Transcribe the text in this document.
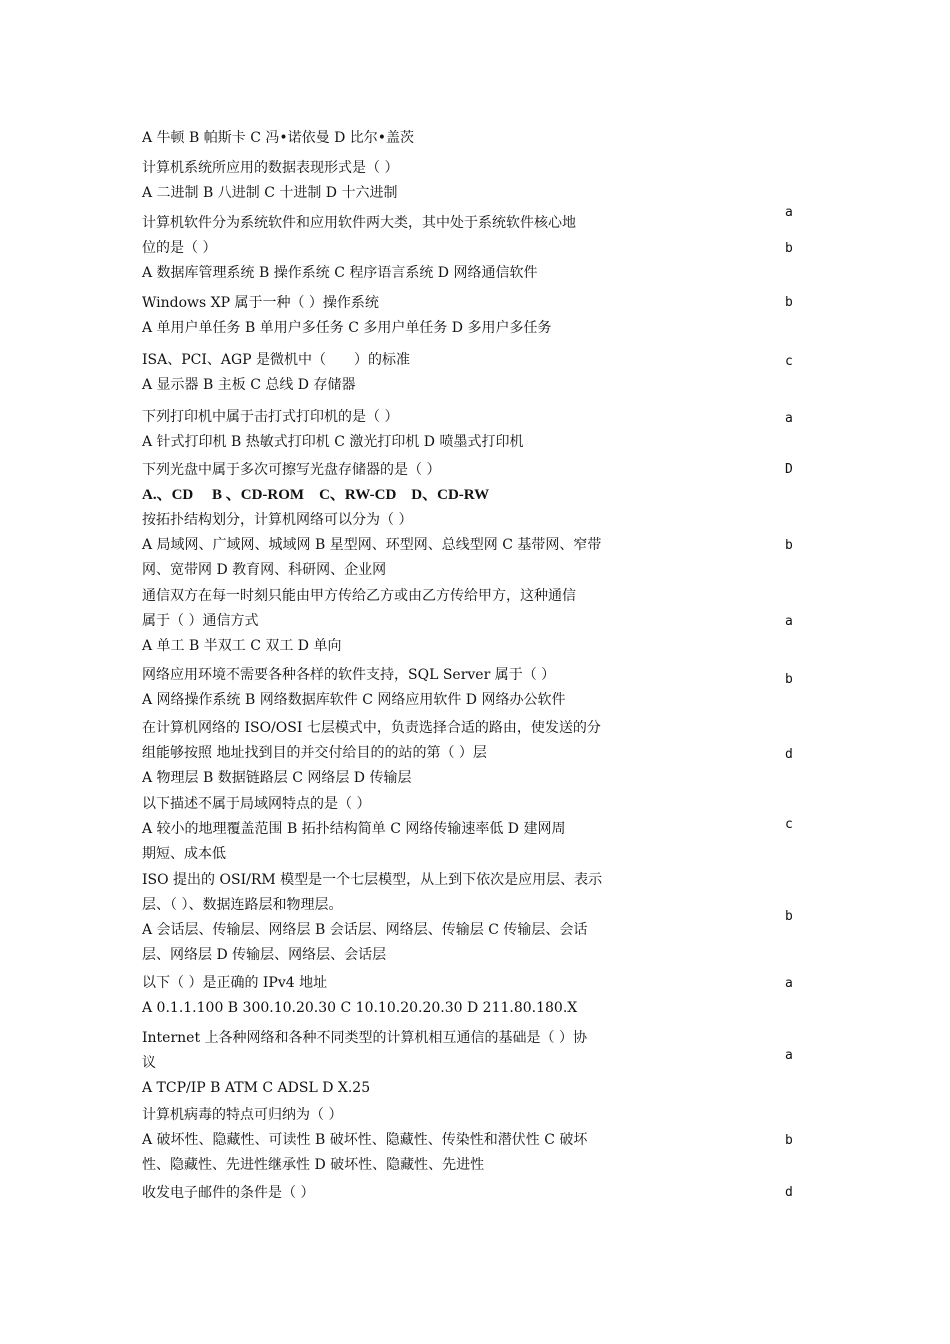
A 牛顿 B 帕斯卡 C 冯•诺依曼 D 比尔•盖茨
计算机系统所应用的数据表现形式是（ ）
A 二进制 B 八进制 C 十进制 D 十六进制
a
计算机软件分为系统软件和应用软件两大类，其中处于系统软件核心地
位的是（ ）
A 数据库管理系统 B 操作系统 C 程序语言系统 D 网络通信软件
b
Windows XP 属于一种（ ）操作系统
A 单用户单任务 B 单用户多任务 C 多用户单任务 D 多用户多任务
b
ISA、PCI、AGP 是微机中（　　）的标准
A 显示器 B 主板 C 总线 D 存储器
c
下列打印机中属于击打式打印机的是（ ）
A 针式打印机 B 热敏式打印机 C 激光打印机 D 喷墨式打印机
a
下列光盘中属于多次可擦写光盘存储器的是（ ）
A.、CD　 B 、CD-ROM　C、RW-CD　D、CD-RW
D
按拓扑结构划分，计算机网络可以分为（ ）
A 局域网、广域网、城域网 B 星型网、环型网、总线型网 C 基带网、窄带
网、宽带网 D 教育网、科研网、企业网
b
通信双方在每一时刻只能由甲方传给乙方或由乙方传给甲方，这种通信
属于（ ）通信方式
A 单工 B 半双工 C 双工 D 单向
a
网络应用环境不需要各种各样的软件支持，SQL Server 属于（ ）
A 网络操作系统 B 网络数据库软件 C 网络应用软件 D 网络办公软件
b
在计算机网络的 ISO/OSI 七层模式中，负责选择合适的路由，使发送的分
组能够按照 地址找到目的并交付给目的的站的第（ ）层
A 物理层 B 数据链路层 C 网络层 D 传输层
d
以下描述不属于局域网特点的是（ ）
A 较小的地理覆盖范围 B 拓扑结构简单 C 网络传输速率低 D 建网周
期短、成本低
c
ISO 提出的 OSI/RM 模型是一个七层模型，从上到下依次是应用层、表示
层、（ ）、数据连路层和物理层。
A 会话层、传输层、网络层 B 会话层、网络层、传输层 C 传输层、会话
层、网络层 D 传输层、网络层、会话层
b
以下（ ）是正确的 IPv4 地址
A 0.1.1.100 B 300.10.20.30 C 10.10.20.20.30 D 211.80.180.X
a
Internet 上各种网络和各种不同类型的计算机相互通信的基础是（ ）协
议
A TCP/IP B ATM C ADSL D X.25
a
计算机病毒的特点可归纳为（ ）
A 破坏性、隐藏性、可读性 B 破坏性、隐藏性、传染性和潜伏性 C 破坏
性、隐藏性、先进性继承性 D 破坏性、隐藏性、先进性
b
收发电子邮件的条件是（ ）	d
